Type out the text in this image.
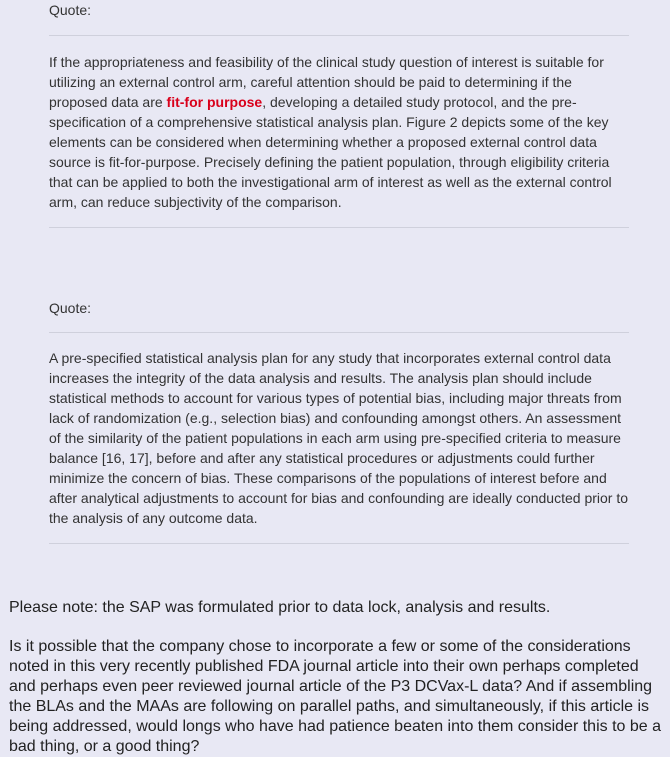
Quote:
If the appropriateness and feasibility of the clinical study question of interest is suitable for utilizing an external control arm, careful attention should be paid to determining if the proposed data are fit-for purpose, developing a detailed study protocol, and the pre-specification of a comprehensive statistical analysis plan. Figure 2 depicts some of the key elements can be considered when determining whether a proposed external control data source is fit-for-purpose. Precisely defining the patient population, through eligibility criteria that can be applied to both the investigational arm of interest as well as the external control arm, can reduce subjectivity of the comparison.
Quote:
A pre-specified statistical analysis plan for any study that incorporates external control data increases the integrity of the data analysis and results. The analysis plan should include statistical methods to account for various types of potential bias, including major threats from lack of randomization (e.g., selection bias) and confounding amongst others. An assessment of the similarity of the patient populations in each arm using pre-specified criteria to measure balance [16, 17], before and after any statistical procedures or adjustments could further minimize the concern of bias. These comparisons of the populations of interest before and after analytical adjustments to account for bias and confounding are ideally conducted prior to the analysis of any outcome data.
Please note: the SAP was formulated prior to data lock, analysis and results.
Is it possible that the company chose to incorporate a few or some of the considerations noted in this very recently published FDA journal article into their own perhaps completed and perhaps even peer reviewed journal article of the P3 DCVax-L data? And if assembling the BLAs and the MAAs are following on parallel paths, and simultaneously, if this article is being addressed, would longs who have had patience beaten into them consider this to be a bad thing, or a good thing?
